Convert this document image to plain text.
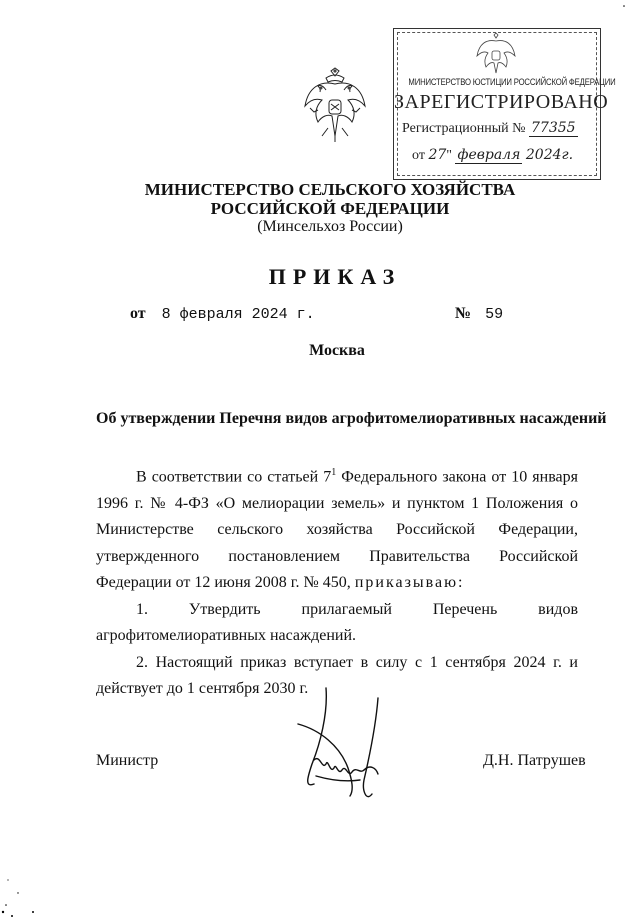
МИНИСТЕРСТВО ЮСТИЦИИ РОССИЙСКОЙ ФЕДЕРАЦИИ
ЗАРЕГИСТРИРОВАНО
Регистрационный № 77355
от 27" февраля 2024г.
МИНИСТЕРСТВО СЕЛЬСКОГО ХОЗЯЙСТВА
РОССИЙСКОЙ ФЕДЕРАЦИИ
(Минсельхоз России)
ПРИКАЗ
от 8 февраля 2024 г.	№ 59
Москва
Об утверждении Перечня видов агрофитомелиоративных насаждений

В соответствии со статьей $7^1$ Федерального закона от 10 января 1996 г. № 4-ФЗ «О мелиорации земель» и пунктом 1 Положения о Министерстве сельского хозяйства Российской Федерации, утвержденного постановлением Правительства Российской Федерации от 12 июня 2008 г. № 450, приказываю:

1. Утвердить прилагаемый Перечень видов агрофитомелиоративных насаждений.

2. Настоящий приказ вступает в силу с 1 сентября 2024 г. и действует до 1 сентября 2030 г.

Министр	Д.Н. Патрушев
